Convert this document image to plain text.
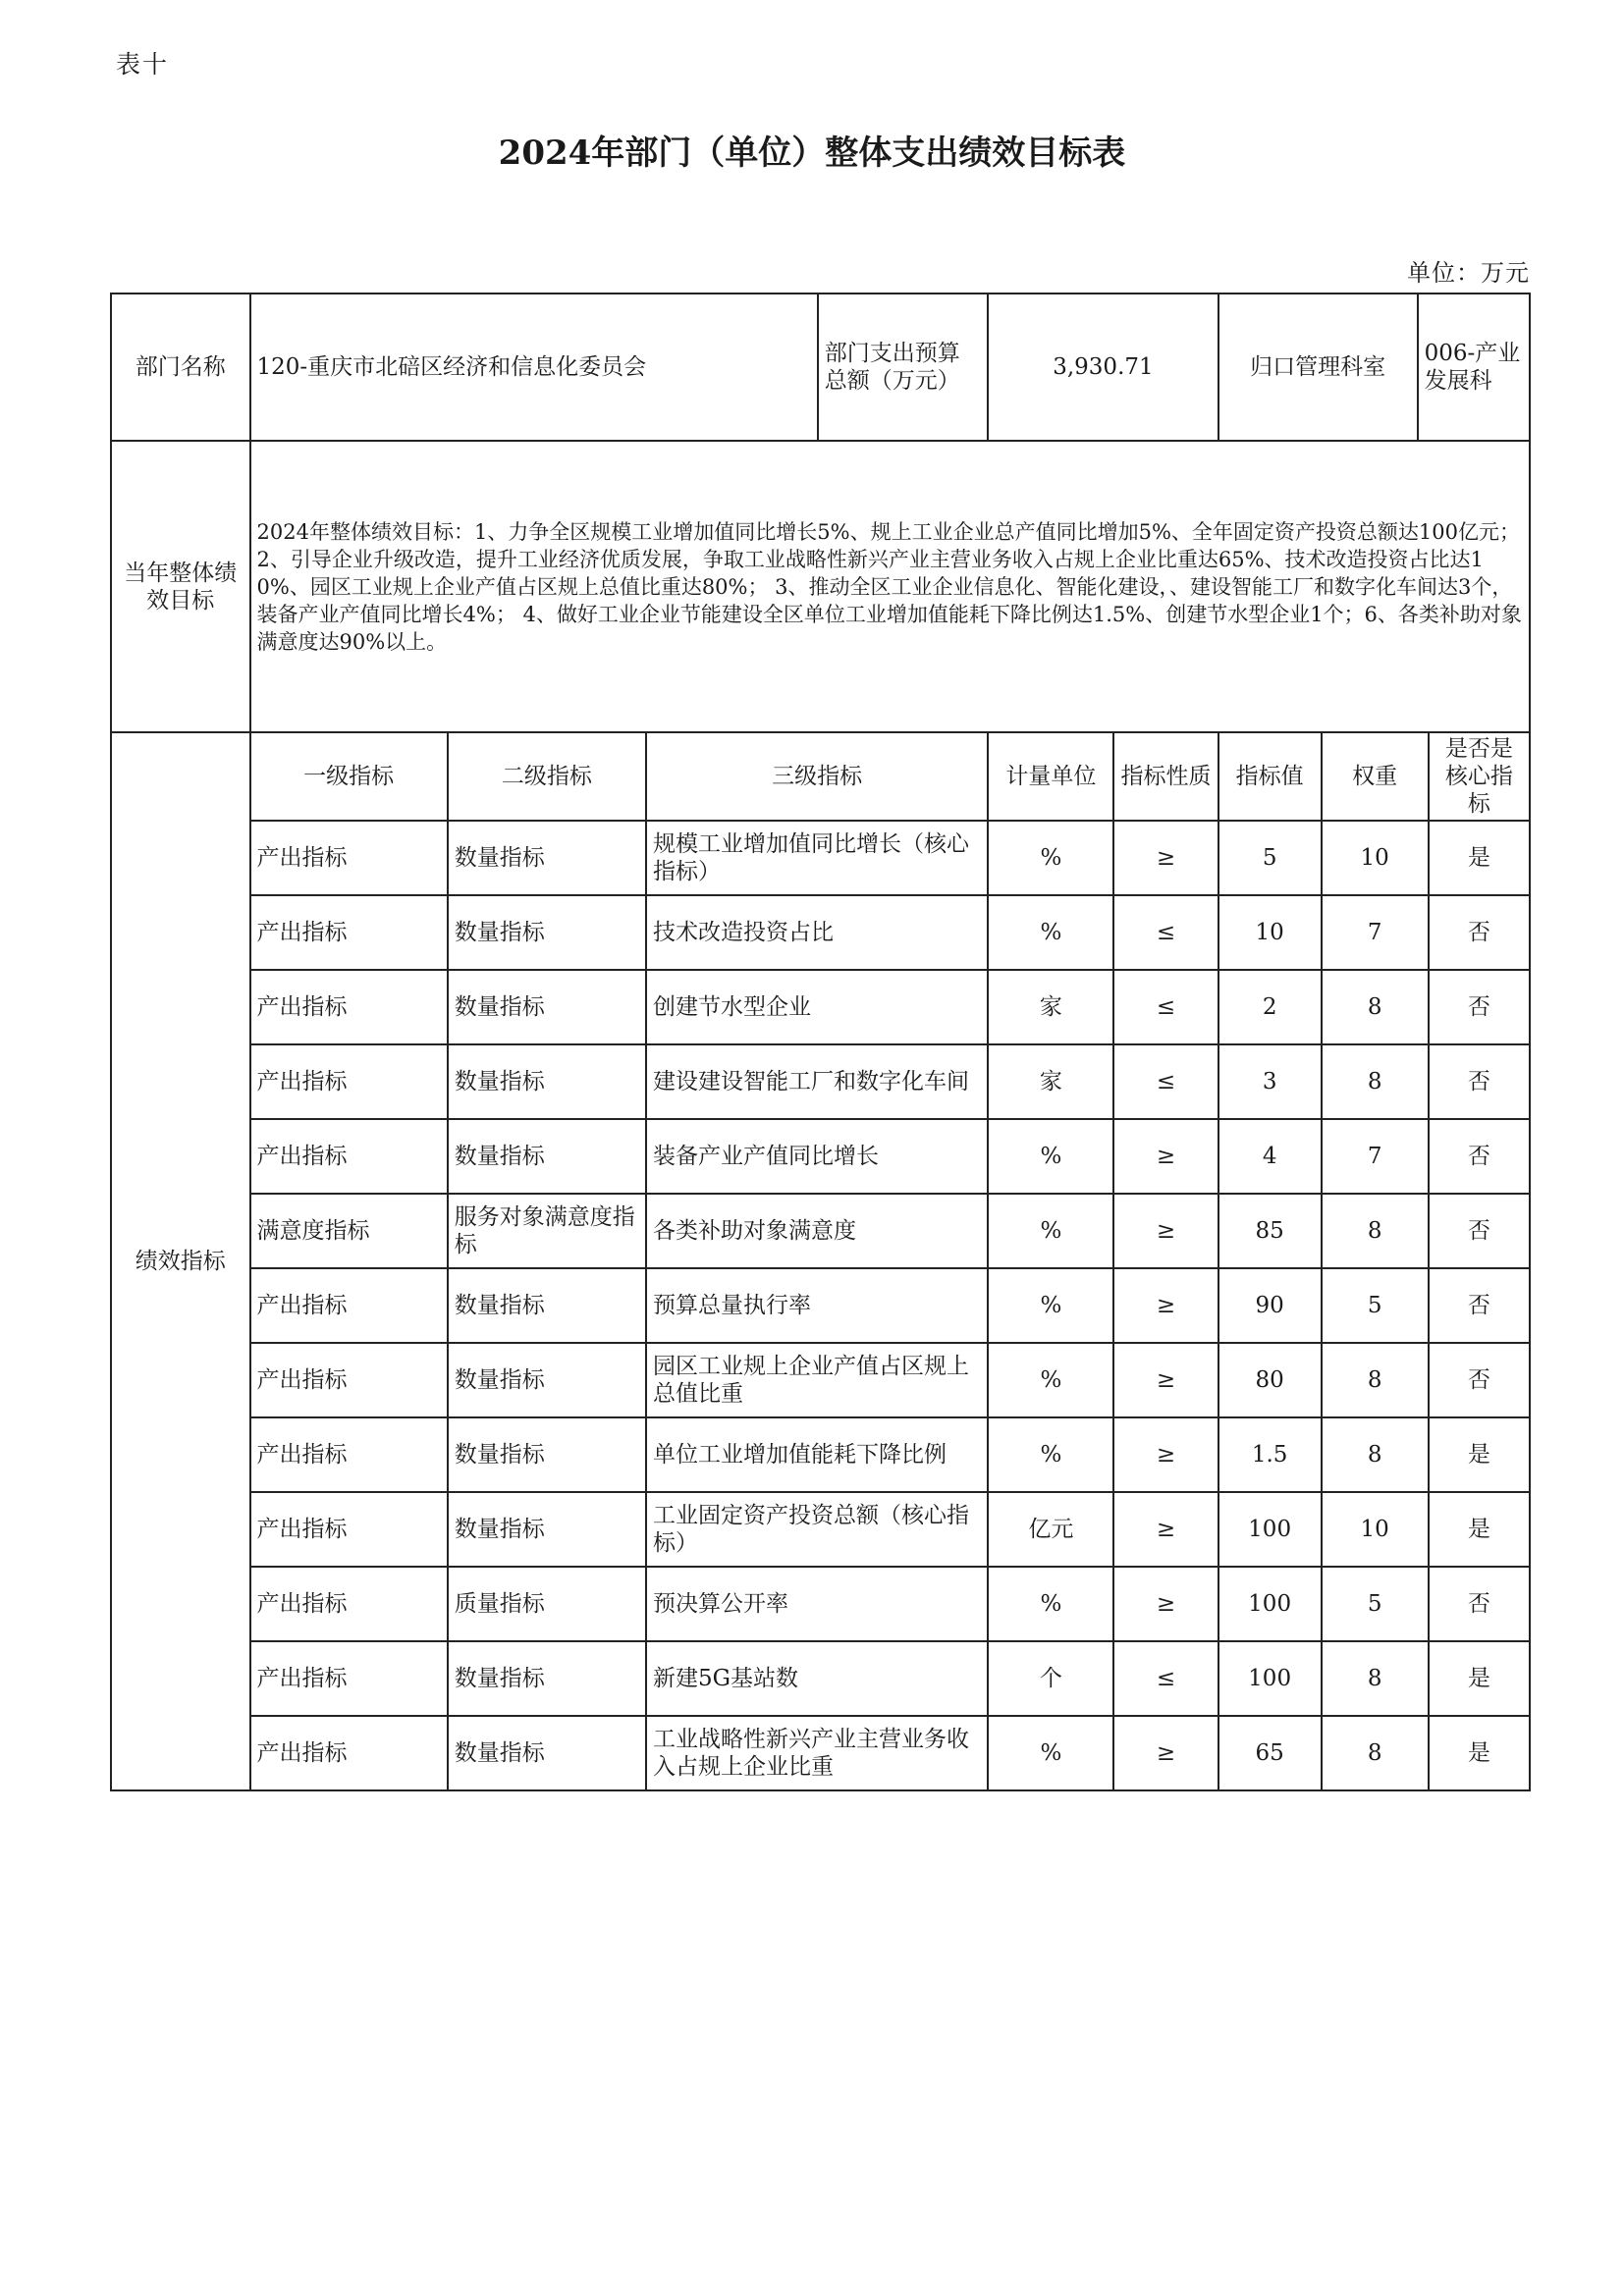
表十
2024年部门（单位）整体支出绩效目标表
单位：万元
部门名称	120-重庆市北碚区经济和信息化委员会	部门支出预算总额（万元）	3,930.71		归口管理科室	006-产业发展科

当年整体绩效目标	2024年整体绩效目标：1、力争全区规模工业增加值同比增长5%、规上工业企业总产值同比增加5%、全年固定资产投资总额达100亿元； 2、引导企业升级改造，提升工业经济优质发展，争取工业战略性新兴产业主营业务收入占规上企业比重达65%、技术改造投资占比达10%、园区工业规上企业产值占区规上总值比重达80%； 3、推动全区工业企业信息化、智能化建设，、建设智能工厂和数字化车间达3个，装备产业产值同比增长4%； 4、做好工业企业节能建设全区单位工业增加值能耗下降比例达1.5%、创建节水型企业1个；6、各类补助对象满意度达90%以上。
绩效指标	一级指标	二级指标	三级指标	计量单位	指标性质	指标值	权重	是否是核心指标

产出指标	数量指标	规模工业增加值同比增长（核心指标）	%	≥	5		10	是

产出指标	数量指标	技术改造投资占比	%	≤	10		7	否

产出指标	数量指标	创建节水型企业	家	≤	2		8	否

产出指标	数量指标	建设建设智能工厂和数字化车间	家	≤	3		8	否

产出指标	数量指标	装备产业产值同比增长	%	≥	4		7	否

满意度指标	服务对象满意度指标	各类补助对象满意度	%	≥	85		8	否

产出指标	数量指标	预算总量执行率	%	≥	90		5	否

产出指标	数量指标	园区工业规上企业产值占区规上总值比重	%	≥	80		8	否

产出指标	数量指标	单位工业增加值能耗下降比例	%	≥	1.5		8	是

产出指标	数量指标	工业固定资产投资总额（核心指标）	亿元	≥	100		10	是

产出指标	质量指标	预决算公开率	%	≥	100		5	否

产出指标	数量指标	新建5G基站数	个	≤	100		8	是

产出指标	数量指标	工业战略性新兴产业主营业务收入占规上企业比重	%	≥	65		8	是
